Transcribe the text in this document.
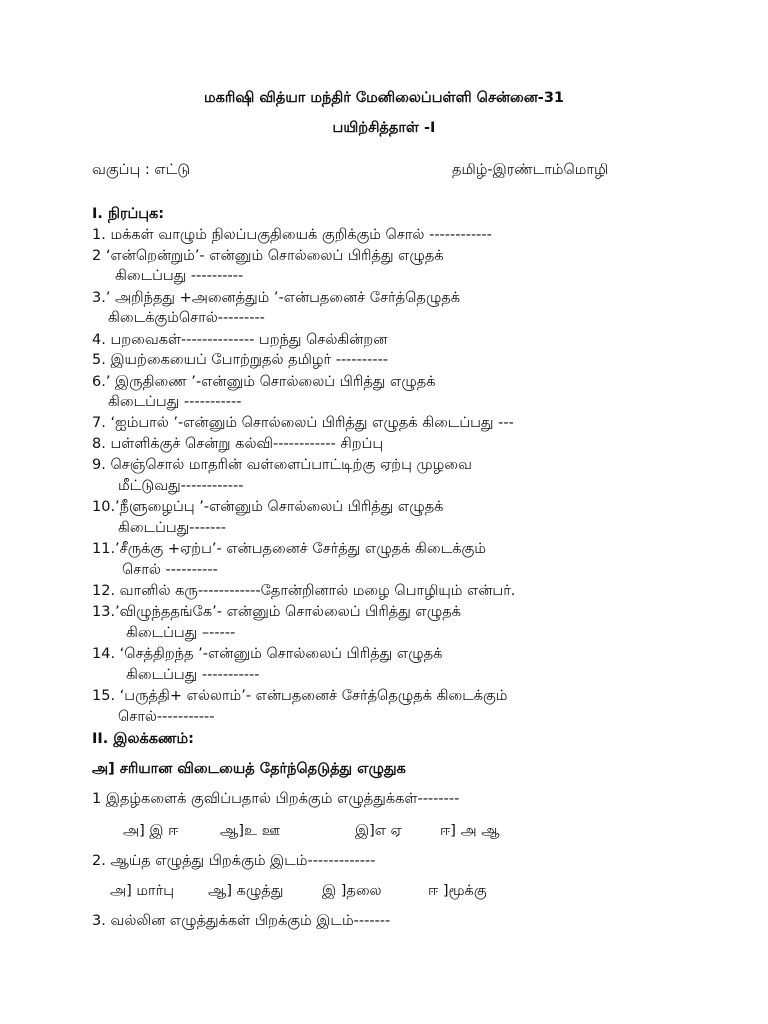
மகரிஷி வித்யா மந்திர் மேனிலைப்பள்ளி சென்னை-31
பயிற்சித்தாள் -I
வகுப்பு : எட்டு	தமிழ்-இரண்டாம்மொழி
I. நிரப்புக:
1. மக்கள் வாழும் நிலப்பகுதியைக் குறிக்கும் சொல் ------------
2 ‘என்றென்றும்’- என்னும் சொல்லைப் பிரித்து எழுதக்
கிடைப்பது ----------
3.’ அறிந்தது +அனைத்தும் ’-என்பதனைச் சேர்த்தெழுதக்
கிடைக்கும்சொல்---------
4. பறவைகள்-------------- பறந்து செல்கின்றன
5. இயற்கையைப் போற்றுதல் தமிழர் ----------
6.’ இருதிணை ’-என்னும் சொல்லைப் பிரித்து எழுதக்
கிடைப்பது -----------
7. ‘ஐம்பால் ’-என்னும் சொல்லைப் பிரித்து எழுதக் கிடைப்பது ---
8. பள்ளிக்குச் சென்று கல்வி------------ சிறப்பு
9. செஞ்சொல் மாதரின் வள்ளைப்பாட்டிற்கு ஏற்பு முழவை
மீட்டுவது------------
10.’நீளுழைப்பு ’-என்னும் சொல்லைப் பிரித்து எழுதக்
கிடைப்பது-------
11.’சீருக்கு +ஏற்ப’- என்பதனைச் சேர்த்து எழுதக் கிடைக்கும்
சொல் ----------
12. வானில் கரு------------தோன்றினால் மழை பொழியும் என்பர்.
13.’விழுந்ததங்கே’- என்னும் சொல்லைப் பிரித்து எழுதக்
கிடைப்பது –-----
14. ‘செத்திறந்த ’-என்னும் சொல்லைப் பிரித்து எழுதக்
கிடைப்பது -----------
15. ‘பருத்தி+ எல்லாம்’- என்பதனைச் சேர்த்தெழுதக் கிடைக்கும்
சொல்-----------
II. இலக்கணம்:
அ] சரியான விடையைத் தேர்ந்தெடுத்து எழுதுக
1 இதழ்களைக் குவிப்பதால் பிறக்கும் எழுத்துக்கள்--------
அ] இ ஈ	ஆ]உ ஊ	இ]எ ஏ	ஈ] அ ஆ
2. ஆய்த எழுத்து பிறக்கும் இடம்-------------
அ] மார்பு ஆ] கழுத்து	இ ]தலை	ஈ ]மூக்கு
3. வல்லின எழுத்துக்கள் பிறக்கும் இடம்-------
